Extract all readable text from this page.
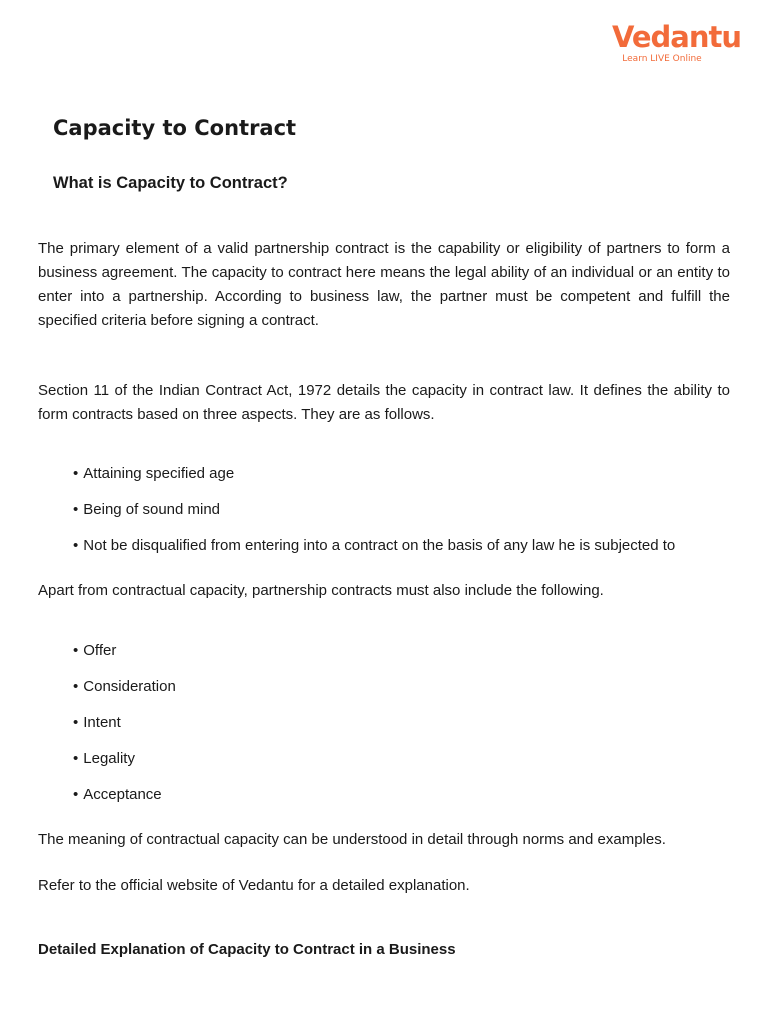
Vedantu
Learn LIVE Online
Capacity to Contract
What is Capacity to Contract?

The primary element of a valid partnership contract is the capability or eligibility of partners to form a business agreement. The capacity to contract here means the legal ability of an individual or an entity to enter into a partnership. According to business law, the partner must be competent and fulfill the specified criteria before signing a contract.

Section 11 of the Indian Contract Act, 1972 details the capacity in contract law. It defines the ability to form contracts based on three aspects. They are as follows.

• Attaining specified age
• Being of sound mind
• Not be disqualified from entering into a contract on the basis of any law he is subjected to

Apart from contractual capacity, partnership contracts must also include the following.

• Offer
• Consideration
• Intent
• Legality
• Acceptance

The meaning of contractual capacity can be understood in detail through norms and examples.

Refer to the official website of Vedantu for a detailed explanation.

Detailed Explanation of Capacity to Contract in a Business
